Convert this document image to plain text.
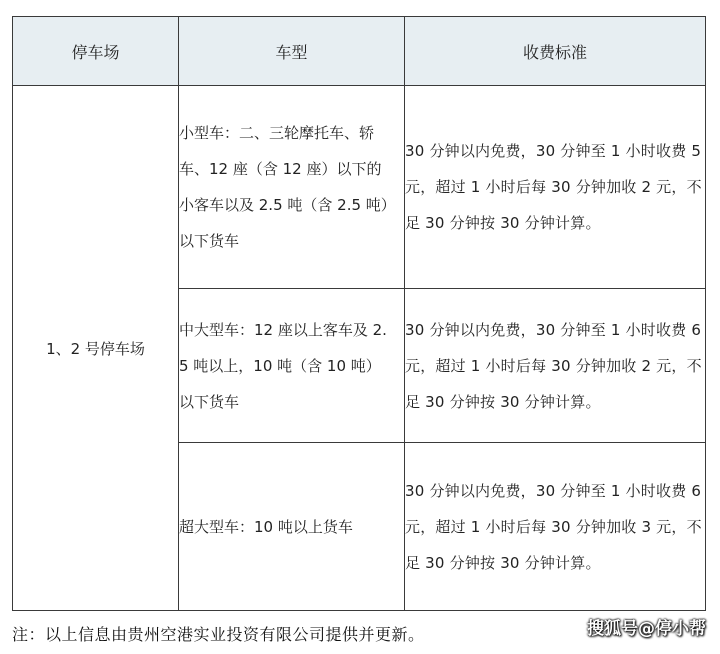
停车场	车型	收费标准
1、2 号停车场	小型车：二、三轮摩托车、轿车、12 座（含 12 座）以下的小客车以及 2.5 吨（含 2.5 吨）以下货车	30 分钟以内免费，30 分钟至 1 小时收费 5 元，超过 1 小时后每 30 分钟加收 2 元，不足 30 分钟按 30 分钟计算。

	中大型车：12 座以上客车及 2.5 吨以上，10 吨（含 10 吨）以下货车	30 分钟以内免费，30 分钟至 1 小时收费 6 元，超过 1 小时后每 30 分钟加收 2 元，不足 30 分钟按 30 分钟计算。

	超大型车：10 吨以上货车	30 分钟以内免费，30 分钟至 1 小时收费 6 元，超过 1 小时后每 30 分钟加收 3 元，不足 30 分钟按 30 分钟计算。
注：以上信息由贵州空港实业投资有限公司提供并更新。	搜狐号@停小帮
